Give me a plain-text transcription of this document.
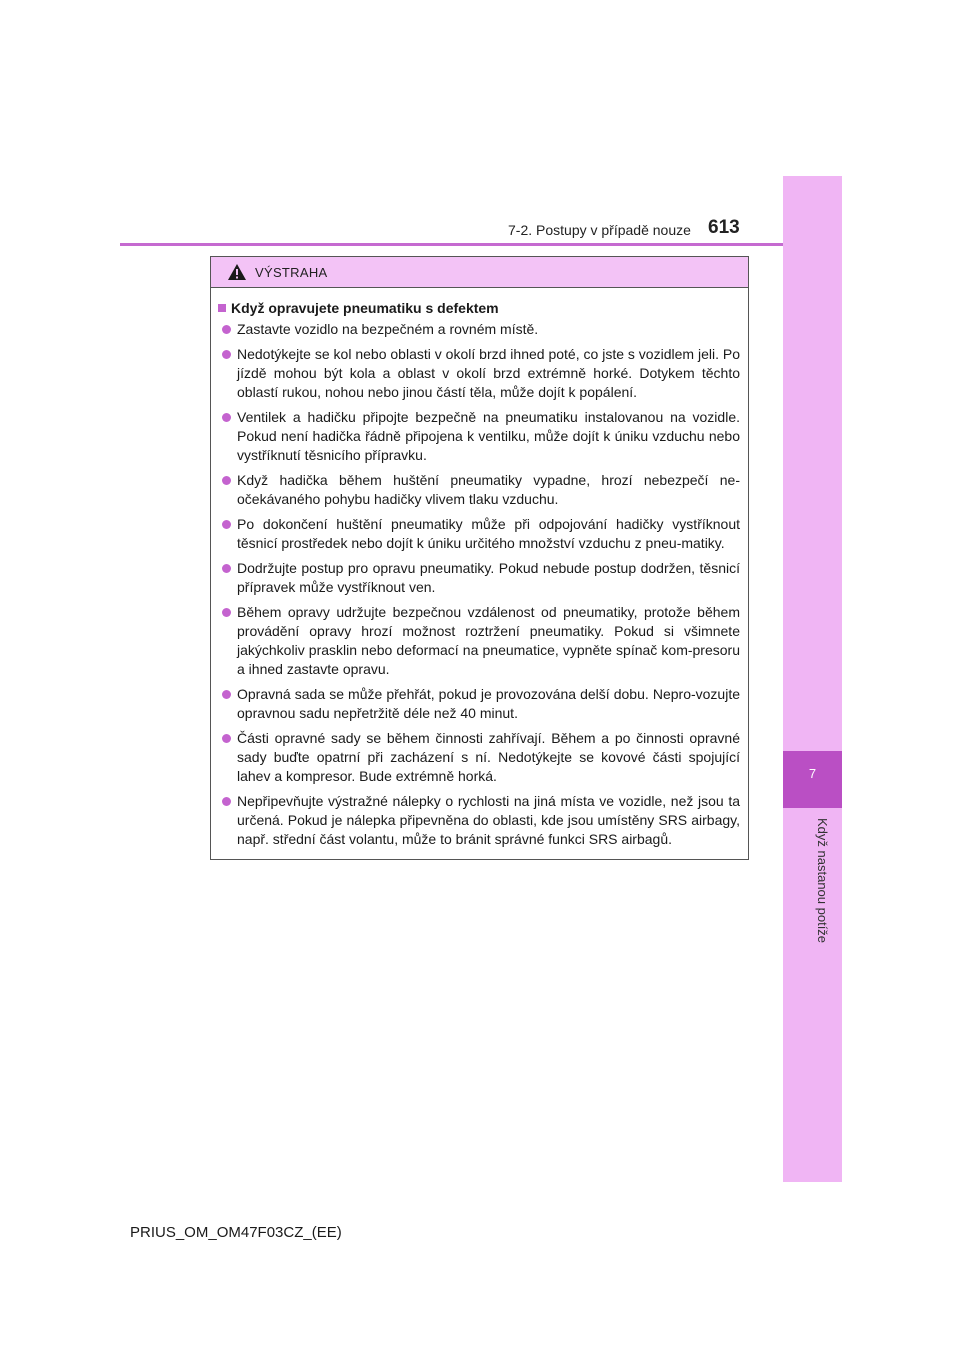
7
Když nastanou potíže
7-2. Postupy v případě nouze 613
VÝSTRAHA
Když opravujete pneumatiku s defektem
Zastavte vozidlo na bezpečném a rovném místě.
Nedotýkejte se kol nebo oblasti v okolí brzd ihned poté, co jste s vozidlem jeli. Po jízdě mohou být kola a oblast v okolí brzd extrémně horké. Dotykem těchto oblastí rukou, nohou nebo jinou částí těla, může dojít k popálení.
Ventilek a hadičku připojte bezpečně na pneumatiku instalovanou na vozidle. Pokud není hadička řádně připojena k ventilku, může dojít k úniku vzduchu nebo vystříknutí těsnicího přípravku.
Když hadička během huštění pneumatiky vypadne, hrozí nebezpečí ne-očekávaného pohybu hadičky vlivem tlaku vzduchu.
Po dokončení huštění pneumatiky může při odpojování hadičky vystříknout těsnicí prostředek nebo dojít k úniku určitého množství vzduchu z pneu-matiky.
Dodržujte postup pro opravu pneumatiky. Pokud nebude postup dodržen, těsnicí přípravek může vystříknout ven.
Během opravy udržujte bezpečnou vzdálenost od pneumatiky, protože během provádění opravy hrozí možnost roztržení pneumatiky. Pokud si všimnete jakýchkoliv prasklin nebo deformací na pneumatice, vypněte spínač kom-presoru a ihned zastavte opravu.
Opravná sada se může přehřát, pokud je provozována delší dobu. Nepro-vozujte opravnou sadu nepřetržitě déle než 40 minut.
Části opravné sady se během činnosti zahřívají. Během a po činnosti opravné sady buďte opatrní při zacházení s ní. Nedotýkejte se kovové části spojující lahev a kompresor. Bude extrémně horká.
Nepřipevňujte výstražné nálepky o rychlosti na jiná místa ve vozidle, než jsou ta určená. Pokud je nálepka připevněna do oblasti, kde jsou umístěny SRS airbagy, např. střední část volantu, může to bránit správné funkci SRS airbagů.
PRIUS_OM_OM47F03CZ_(EE)
